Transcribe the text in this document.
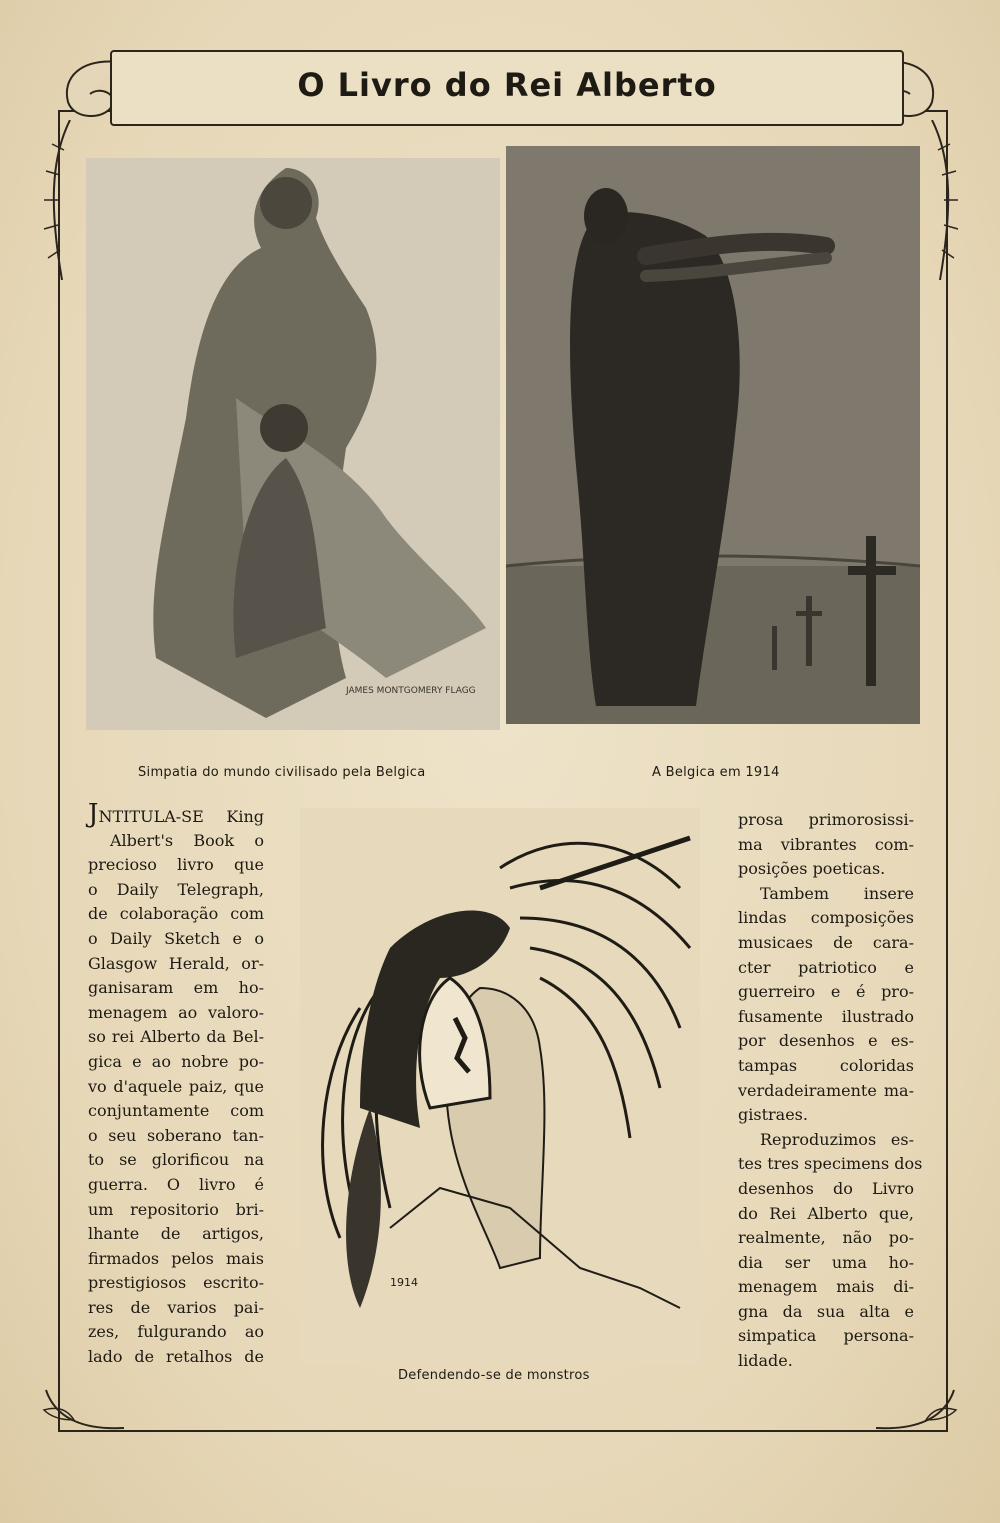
O Livro do Rei Alberto
JAMES MONTGOMERY FLAGG
Simpatia do mundo civilisado pela Belgica	A Belgica em 1914
1914
Defendendo-se de monstros
JNTITULA-SE King
Albert's Book o
precioso livro que
o Daily Telegraph,
de colaboração com
o Daily Sketch e o
Glasgow Herald, or-
ganisaram em ho-
menagem ao valoro-
so rei Alberto da Bel-
gica e ao nobre po-
vo d'aquele paiz, que
conjuntamente com
o seu soberano tan-
to se glorificou na
guerra. O livro é
um repositorio bri-
lhante de artigos,
firmados pelos mais
prestigiosos escrito-
res de varios pai-
zes, fulgurando ao
lado de retalhos de
prosa primorosissi-
ma vibrantes com-
posições poeticas.
Tambem insere
lindas composições
musicaes de cara-
cter patriotico e
guerreiro e é pro-
fusamente ilustrado
por desenhos e es-
tampas coloridas
verdadeiramente ma-
gistraes.
Reproduzimos es-
tes tres specimens dos
desenhos do Livro
do Rei Alberto que,
realmente, não po-
dia ser uma ho-
menagem mais di-
gna da sua alta e
simpatica persona-
lidade.
